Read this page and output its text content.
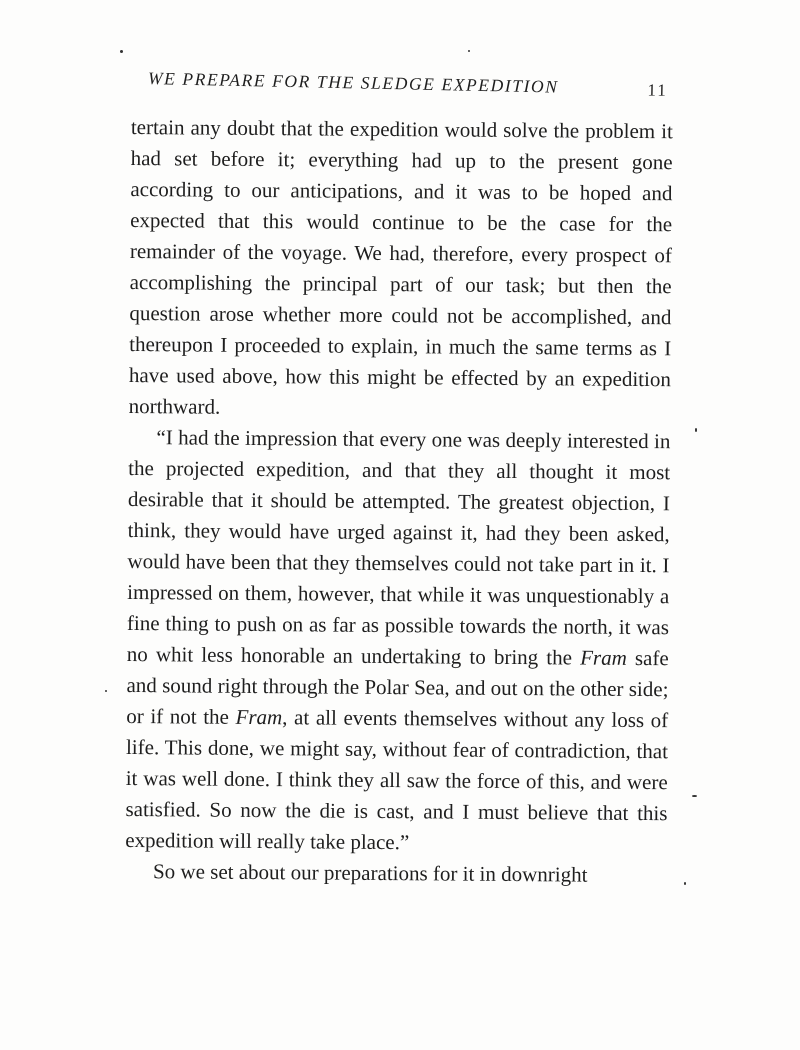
WE PREPARE FOR THE SLEDGE EXPEDITION	11

tertain any doubt that the expedition would solve the problem it had set before it; everything had up to the present gone according to our anticipations, and it was to be hoped and expected that this would continue to be the case for the remainder of the voyage. We had, therefore, every prospect of accomplishing the principal part of our task; but then the question arose whether more could not be accomplished, and thereupon I proceeded to explain, in much the same terms as I have used above, how this might be effected by an expedition northward.

“I had the impression that every one was deeply interested in the projected expedition, and that they all thought it most desirable that it should be attempted. The greatest objection, I think, they would have urged against it, had they been asked, would have been that they themselves could not take part in it. I impressed on them, however, that while it was unquestionably a fine thing to push on as far as possible towards the north, it was no whit less honorable an undertaking to bring the Fram safe and sound right through the Polar Sea, and out on the other side; or if not the Fram, at all events themselves without any loss of life. This done, we might say, without fear of contradiction, that it was well done. I think they all saw the force of this, and were satisfied. So now the die is cast, and I must believe that this expedition will really take place.”

So we set about our preparations for it in downright
